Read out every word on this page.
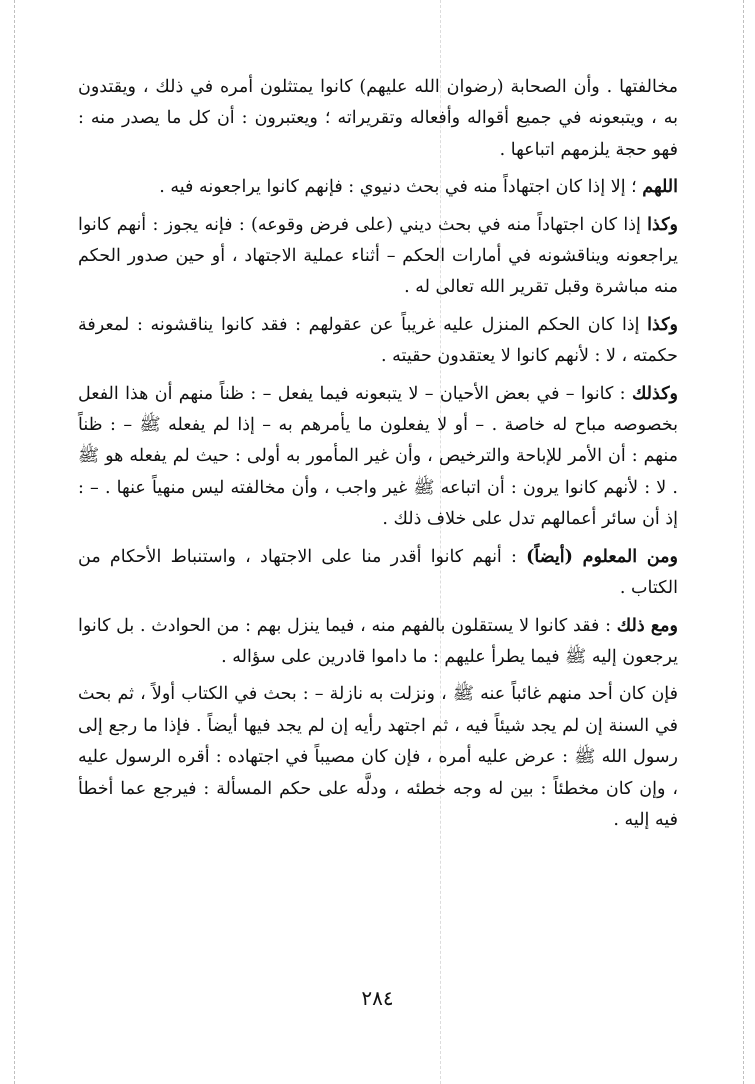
مخالفتها . وأن الصحابة (رضوان الله عليهم) كانوا يمتثلون أمره في ذلك ، ويقتدون به ، ويتبعونه في جميع أقواله وأفعاله وتقريراته ؛ ويعتبرون : أن كل ما يصدر منه : فهو حجة يلزمهم اتباعها .

اللهم ؛ إلا إذا كان اجتهاداً منه في بحث دنيوي : فإنهم كانوا يراجعونه فيه .

وكذا إذا كان اجتهاداً منه في بحث ديني (على فرض وقوعه) : فإنه يجوز : أنهم كانوا يراجعونه ويناقشونه في أمارات الحكم – أثناء عملية الاجتهاد ، أو حين صدور الحكم منه مباشرة وقبل تقرير الله تعالى له .

وكذا إذا كان الحكم المنزل عليه غريباً عن عقولهم : فقد كانوا يناقشونه : لمعرفة حكمته ، لا : لأنهم كانوا لا يعتقدون حقيته .

وكذلك : كانوا – في بعض الأحيان – لا يتبعونه فيما يفعل – : ظناً منهم أن هذا الفعل بخصوصه مباح له خاصة . – أو لا يفعلون ما يأمرهم به – إذا لم يفعله ﷺ – : ظناً منهم : أن الأمر للإباحة والترخيص ، وأن غير المأمور به أولى : حيث لم يفعله هو ﷺ . لا : لأنهم كانوا يرون : أن اتباعه ﷺ غير واجب ، وأن مخالفته ليس منهياً عنها . – : إذ أن سائر أعمالهم تدل على خلاف ذلك .

ومن المعلوم (أيضاً) : أنهم كانوا أقدر منا على الاجتهاد ، واستنباط الأحكام من الكتاب .

ومع ذلك : فقد كانوا لا يستقلون بالفهم منه ، فيما ينزل بهم : من الحوادث . بل كانوا يرجعون إليه ﷺ فيما يطرأ عليهم : ما داموا قادرين على سؤاله .

فإن كان أحد منهم غائباً عنه ﷺ ، ونزلت به نازلة – : بحث في الكتاب أولاً ، ثم بحث في السنة إن لم يجد شيئاً فيه ، ثم اجتهد رأيه إن لم يجد فيها أيضاً . فإذا ما رجع إلى رسول الله ﷺ : عرض عليه أمره ، فإن كان مصيباً في اجتهاده : أقره الرسول عليه ، وإن كان مخطئاً : بين له وجه خطئه ، ودلَّه على حكم المسألة : فيرجع عما أخطأ فيه إليه .

٢٨٤
